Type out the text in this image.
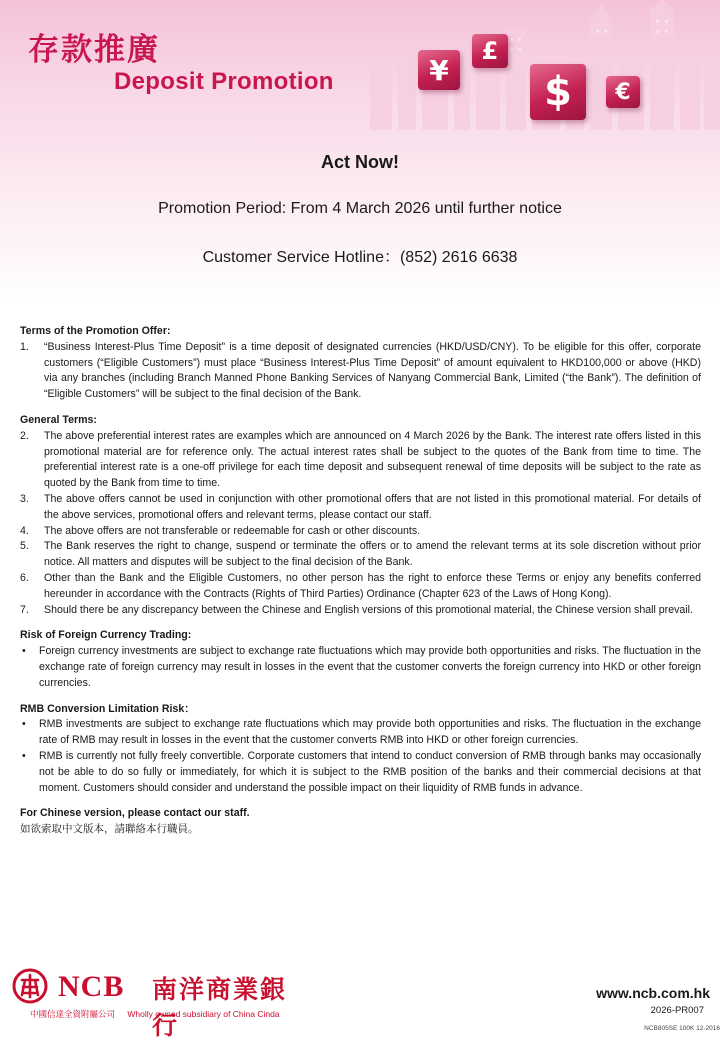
存款推廣
Deposit Promotion	¥
£
$	€
Act Now!
Promotion Period: From 4 March 2026 until further notice
Customer Service Hotline：(852) 2616 6638
Terms of the Promotion Offer:
1.	“Business Interest-Plus Time Deposit” is a time deposit of designated currencies (HKD/USD/CNY). To be eligible for this offer, corporate customers (“Eligible Customers”) must place “Business Interest-Plus Time Deposit” of amount equivalent to HKD100,000 or above (HKD) via any branches (including Branch Manned Phone Banking Services of Nanyang Commercial Bank, Limited (“the Bank”). The definition of “Eligible Customers” will be subject to the final decision of the Bank.
General Terms:
2.	The above preferential interest rates are examples which are announced on 4 March 2026 by the Bank. The interest rate offers listed in this promotional material are for reference only. The actual interest rates shall be subject to the quotes of the Bank from time to time. The preferential interest rate is a one-off privilege for each time deposit and subsequent renewal of time deposits will be subject to the rate as quoted by the Bank from time to time.
3.	The above offers cannot be used in conjunction with other promotional offers that are not listed in this promotional material. For details of the above services, promotional offers and relevant terms, please contact our staff.
4.	The above offers are not transferable or redeemable for cash or other discounts.
5.	The Bank reserves the right to change, suspend or terminate the offers or to amend the relevant terms at its sole discretion without prior notice. All matters and disputes will be subject to the final decision of the Bank.
6.	Other than the Bank and the Eligible Customers, no other person has the right to enforce these Terms or enjoy any benefits conferred hereunder in accordance with the Contracts (Rights of Third Parties) Ordinance (Chapter 623 of the Laws of Hong Kong).
7.	Should there be any discrepancy between the Chinese and English versions of this promotional material, the Chinese version shall prevail.
Risk of Foreign Currency Trading:
•	Foreign currency investments are subject to exchange rate fluctuations which may provide both opportunities and risks. The fluctuation in the exchange rate of foreign currency may result in losses in the event that the customer converts the foreign currency into HKD or other foreign currencies.
RMB Conversion Limitation Risk：
•	RMB investments are subject to exchange rate fluctuations which may provide both opportunities and risks. The fluctuation in the exchange rate of RMB may result in losses in the event that the customer converts RMB into HKD or other foreign currencies.
•	RMB is currently not fully freely convertible. Corporate customers that intend to conduct conversion of RMB through banks may occasionally not be able to do so fully or immediately, for which it is subject to the RMB position of the banks and their commercial decisions at that moment. Customers should consider and understand the possible impact on their liquidity of RMB funds in advance.
For Chinese version, please contact our staff.
如欲索取中文版本，請聯絡本行職員。
NCB 南洋商業銀行
中國信達全資附屬公司 Wholly owned subsidiary of China Cinda
www.ncb.com.hk
2026-PR007
NCB805SE 100K 12-2016
